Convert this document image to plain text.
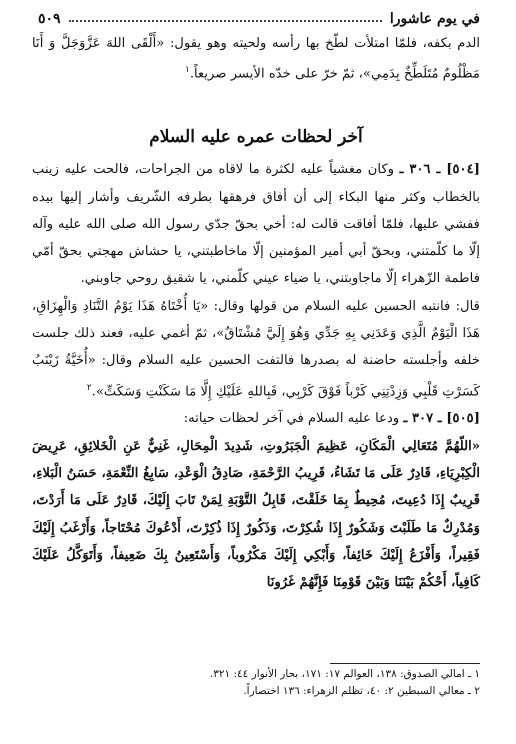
في يوم عاشورا
٥٠٩

الدم بكفه، فلمّا امتلأت لطّخ بها رأسه ولحيته وهو يقول: «أَلْقَى اللهَ عَزَّوَجَلَّ وَ أَنَا مَظْلُومٌ مُتَلَطِّخٌ بِدَمِي»، ثمّ خرّ على خدّه الأيسر صريعاً.$^١$

آخر لحظات عمره عليه السلام

[٥٠٤] ـ ٣٠٦ ـ وكان مغشياً عليه لكثرة ما لاقاه من الجراحات، فالحت عليه زينب بالخطاب وكثر منها البكاء إلى أن أفاق فرهقها بطرفه الشّريف وأشار إليها بيده ففشي عليها، فلمّا أفاقت قالت له: أخي بحقّ جدّي رسول الله صلى الله عليه وآله إلّا ما كلّمتني، وبحقّ أبي أمير المؤمنين إلّا ماخاطبتني، يا حشاش مهجتي بحقّ أمّي فاطمة الزّهراء إلّا ماجاوبتني، يا ضياء عيني كلّمني، يا شقيق روحي جاوبني.

قال: فانتبه الحسين عليه السلام من قولها وقال: «يَا أُخْتَاهُ هَذَا يَوْمُ التَّنَادِ وَالْهِزَاقِ، هَذَا الْيَوْمُ الَّذِي وَعَدَنِي بِهِ جَدِّي وَهُوَ إِلَيَّ مُشْتَاقٌ»، ثمّ أغمي عليه، فعند ذلك جلست خلفه وأجلسته حاضنة له بصدرها فالتفت الحسين عليه السلام وقال: «أُخَيَّةُ زَيْنَبُ كَسَرْتِ قَلْبِي وَزِدْتِنِي كَرْباً فَوْقَ كَرْبِي، فَبِاللهِ عَلَيْكِ إِلَّا مَا سَكَنْتِ وَسَكَتِّ».$^٢$

[٥٠٥] ـ ٣٠٧ ـ ودعا عليه السلام في آخر لحظات حياته:

«اللّهُمَّ مُتَعَالِي الْمَكَانِ، عَظِيمَ الْجَبَرُوتِ، شَدِيدَ الْمِحَالِ، غَنِيٌّ عَنِ الْخَلائِقِ، عَرِيضَ الْكِبْرِيَاءِ، قَادِرٌ عَلَى مَا تَشَاءُ، قَرِيبُ الرَّحْمَةِ، صَادِقُ الْوَعْدِ، سَابِغُ النِّعْمَةِ، حَسَنُ الْبَلاءِ، قَرِيبٌ إِذَا دُعِيتَ، مُحِيطٌ بِمَا خَلَقْتَ، قَابِلُ التَّوْبَةِ لِمَنْ تَابَ إِلَيْكَ، قَادِرٌ عَلَى مَا أَرَدْتَ، وَمُدْرِكٌ مَا طَلَبْتَ وَشَكُورٌ إِذَا شُكِرْتَ، وَذَكُورٌ إِذَا ذُكِرْتَ، أَدْعُوكَ مُحْتَاجاً، وَأَرْغَبُ إِلَيْكَ فَقِيراً، وَأَفْزَعُ إِلَيْكَ خَائِفاً، وَأَبْكِي إِلَيْكَ مَكْرُوباً، وَأَسْتَعِينُ بِكَ ضَعِيفاً، وَأَتَوَكَّلُ عَلَيْكَ كَافِياً، أَحْكُمْ بَيْنَنَا وَبَيْنَ قَوْمِنَا فَإِنَّهُمْ غَرُونَا

١ ـ امالي الصدوق: ١٣٨، العوالم ١٧: ١٧١، بحار الأنوار ٤٤: ٣٢١.

٢ ـ معالي السبطين ٢: ٤٠، تظلم الزهراء: ١٣٦ اختصاراً.
